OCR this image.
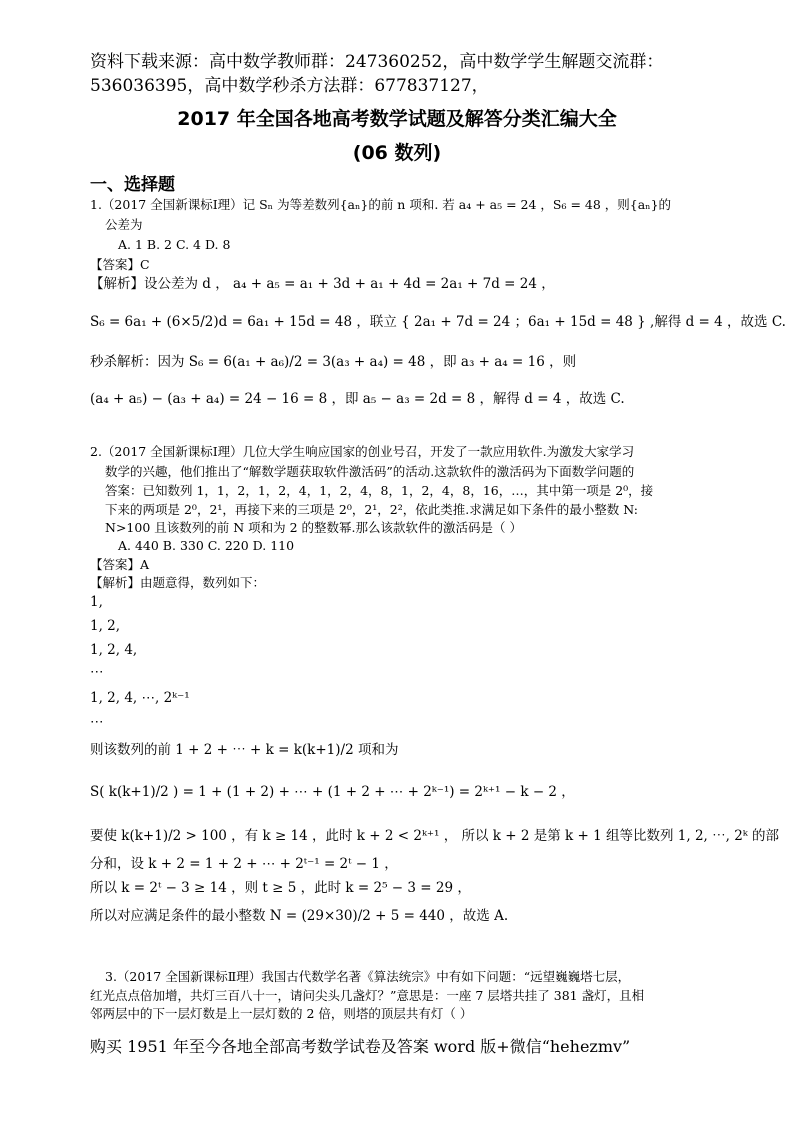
资料下载来源：高中数学教师群：247360252，高中数学学生解题交流群：
536036395，高中数学秒杀方法群：677837127，
2017 年全国各地高考数学试题及解答分类汇编大全
(06 数列)
一、选择题
1.（2017 全国新课标Ⅰ理）记 Sₙ 为等差数列{aₙ}的前 n 项和. 若 a₄ + a₅ = 24 ，S₆ = 48 ，则{aₙ}的
公差为
A. 1 B. 2 C. 4 D. 8
【答案】C
【解析】设公差为 d ， a₄ + a₅ = a₁ + 3d + a₁ + 4d = 2a₁ + 7d = 24 ，
S₆ = 6a₁ + (6×5/2)d = 6a₁ + 15d = 48 ，联立 { 2a₁ + 7d = 24 ；6a₁ + 15d = 48 } ,解得 d = 4 ，故选 C.
秒杀解析：因为 S₆ = 6(a₁ + a₆)/2 = 3(a₃ + a₄) = 48 ，即 a₃ + a₄ = 16 ，则
(a₄ + a₅) − (a₃ + a₄) = 24 − 16 = 8 ，即 a₅ − a₃ = 2d = 8 ，解得 d = 4 ，故选 C.
2.（2017 全国新课标Ⅰ理）几位大学生响应国家的创业号召，开发了一款应用软件.为激发大家学习
数学的兴趣，他们推出了“解数学题获取软件激活码”的活动.这款软件的激活码为下面数学问题的
答案：已知数列 1，1，2，1，2，4，1，2，4，8，1，2，4，8，16，…，其中第一项是 2⁰，接
下来的两项是 2⁰，2¹，再接下来的三项是 2⁰，2¹，2²，依此类推.求满足如下条件的最小整数 N:
N>100 且该数列的前 N 项和为 2 的整数幂.那么该款软件的激活码是（ ）
A. 440 B. 330 C. 220 D. 110
【答案】A
【解析】由题意得，数列如下：
1,
1, 2,
1, 2, 4,
⋯
1, 2, 4, ⋯, 2ᵏ⁻¹
⋯
则该数列的前 1 + 2 + ⋯ + k = k(k+1)/2 项和为
S( k(k+1)/2 ) = 1 + (1 + 2) + ⋯ + (1 + 2 + ⋯ + 2ᵏ⁻¹) = 2ᵏ⁺¹ − k − 2 ，
要使 k(k+1)/2 > 100 ，有 k ≥ 14 ，此时 k + 2 < 2ᵏ⁺¹ ， 所以 k + 2 是第 k + 1 组等比数列 1, 2, ⋯, 2ᵏ 的部
分和，设 k + 2 = 1 + 2 + ⋯ + 2ᵗ⁻¹ = 2ᵗ − 1 ，
所以 k = 2ᵗ − 3 ≥ 14 ，则 t ≥ 5 ，此时 k = 2⁵ − 3 = 29 ，
所以对应满足条件的最小整数 N = (29×30)/2 + 5 = 440 ，故选 A.
3.（2017 全国新课标Ⅱ理）我国古代数学名著《算法统宗》中有如下问题：“远望巍巍塔七层，
红光点点倍加增，共灯三百八十一，请问尖头几盏灯？”意思是：一座 7 层塔共挂了 381 盏灯，且相
邻两层中的下一层灯数是上一层灯数的 2 倍，则塔的顶层共有灯（ ）
购买 1951 年至今各地全部高考数学试卷及答案 word 版+微信“hehezmv”
